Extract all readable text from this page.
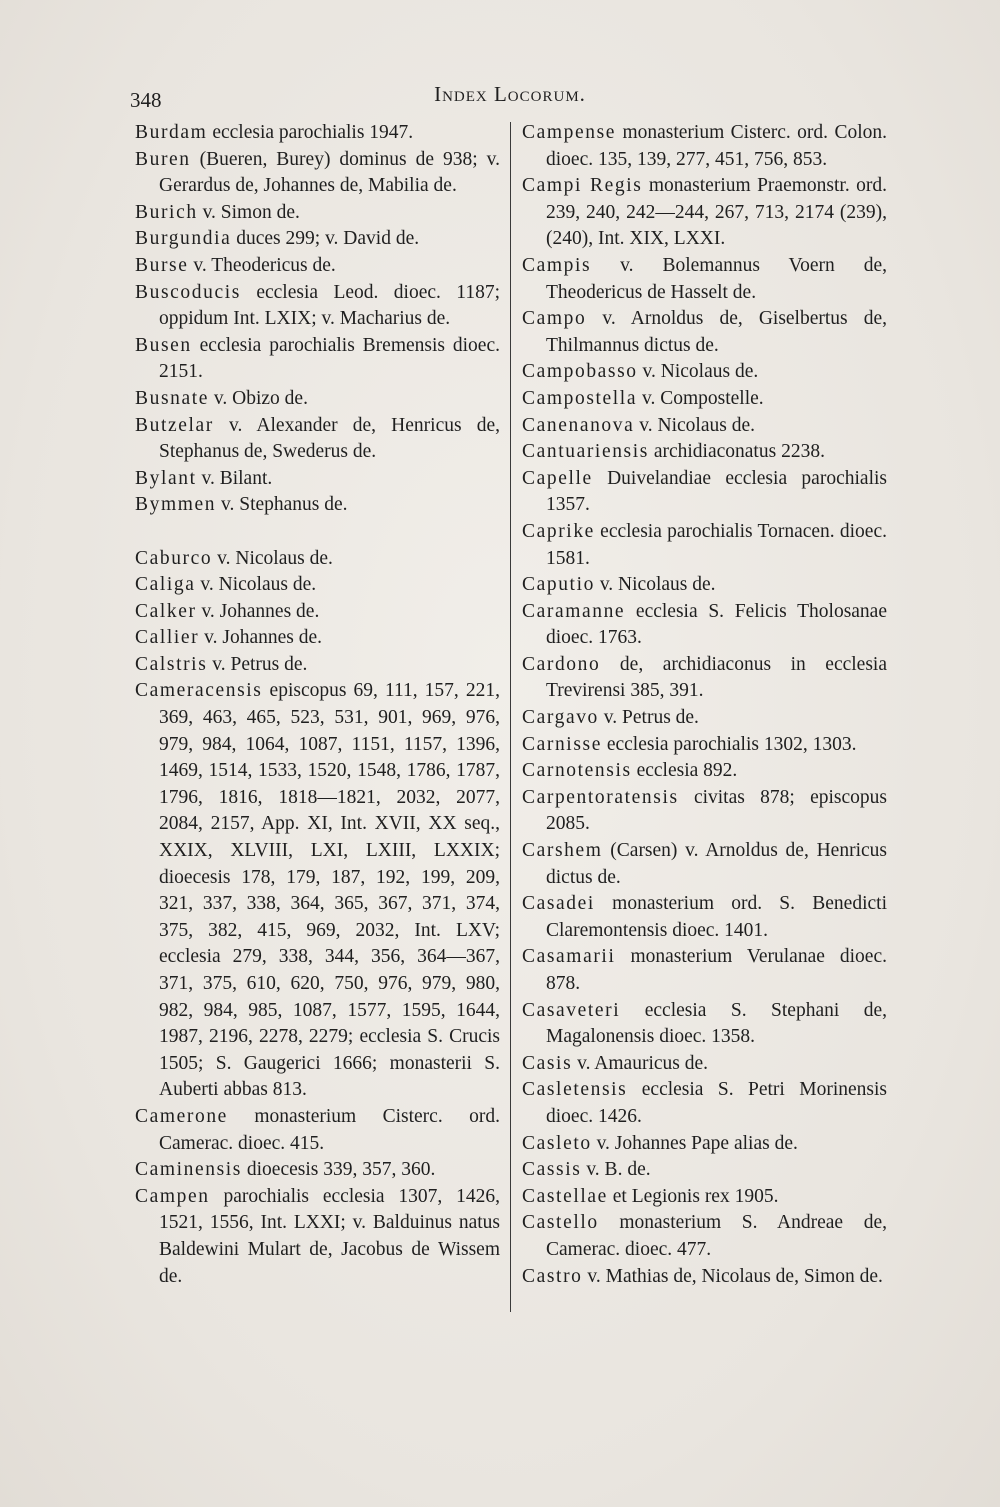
348	Index Locorum.

Burdam ecclesia parochialis 1947.

Buren (Bueren, Burey) dominus de 938; v. Gerardus de, Johannes de, Mabilia de.

Burich v. Simon de.

Burgundia duces 299; v. David de.

Burse v. Theodericus de.

Buscoducis ecclesia Leod. dioec. 1187; oppidum Int. LXIX; v. Macharius de.

Busen ecclesia parochialis Bremensis dioec. 2151.

Busnate v. Obizo de.

Butzelar v. Alexander de, Henricus de, Stephanus de, Swederus de.

Bylant v. Bilant.

Bymmen v. Stephanus de.

Caburco v. Nicolaus de.

Caliga v. Nicolaus de.

Calker v. Johannes de.

Callier v. Johannes de.

Calstris v. Petrus de.

Cameracensis episcopus 69, 111, 157, 221, 369, 463, 465, 523, 531, 901, 969, 976, 979, 984, 1064, 1087, 1151, 1157, 1396, 1469, 1514, 1533, 1520, 1548, 1786, 1787, 1796, 1816, 1818—1821, 2032, 2077, 2084, 2157, App. XI, Int. XVII, XX seq., XXIX, XLVIII, LXI, LXIII, LXXIX; dioecesis 178, 179, 187, 192, 199, 209, 321, 337, 338, 364, 365, 367, 371, 374, 375, 382, 415, 969, 2032, Int. LXV; ecclesia 279, 338, 344, 356, 364—367, 371, 375, 610, 620, 750, 976, 979, 980, 982, 984, 985, 1087, 1577, 1595, 1644, 1987, 2196, 2278, 2279; ecclesia S. Crucis 1505; S. Gaugerici 1666; monasterii S. Auberti abbas 813.

Camerone monasterium Cisterc. ord. Camerac. dioec. 415.

Caminensis dioecesis 339, 357, 360.

Campen parochialis ecclesia 1307, 1426, 1521, 1556, Int. LXXI; v. Balduinus natus Baldewini Mulart de, Jacobus de Wissem de.

Campense monasterium Cisterc. ord. Colon. dioec. 135, 139, 277, 451, 756, 853.

Campi Regis monasterium Praemonstr. ord. 239, 240, 242—244, 267, 713, 2174 (239), (240), Int. XIX, LXXI.

Campis v. Bolemannus Voern de, Theodericus de Hasselt de.

Campo v. Arnoldus de, Giselbertus de, Thilmannus dictus de.

Campobasso v. Nicolaus de.

Campostella v. Compostelle.

Canenanova v. Nicolaus de.

Cantuariensis archidiaconatus 2238.

Capelle Duivelandiae ecclesia parochialis 1357.

Caprike ecclesia parochialis Tornacen. dioec. 1581.

Caputio v. Nicolaus de.

Caramanne ecclesia S. Felicis Tholosanae dioec. 1763.

Cardono de, archidiaconus in ecclesia Trevirensi 385, 391.

Cargavo v. Petrus de.

Carnisse ecclesia parochialis 1302, 1303.

Carnotensis ecclesia 892.

Carpentoratensis civitas 878; episcopus 2085.

Carshem (Carsen) v. Arnoldus de, Henricus dictus de.

Casadei monasterium ord. S. Benedicti Claremontensis dioec. 1401.

Casamarii monasterium Verulanae dioec. 878.

Casaveteri ecclesia S. Stephani de, Magalonensis dioec. 1358.

Casis v. Amauricus de.

Casletensis ecclesia S. Petri Morinensis dioec. 1426.

Casleto v. Johannes Pape alias de.

Cassis v. B. de.

Castellae et Legionis rex 1905.

Castello monasterium S. Andreae de, Camerac. dioec. 477.

Castro v. Mathias de, Nicolaus de, Simon de.
